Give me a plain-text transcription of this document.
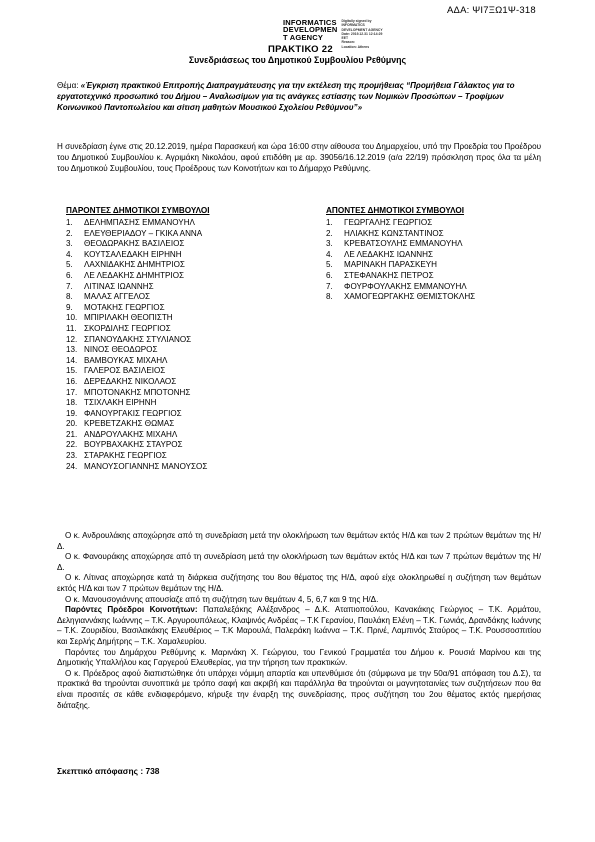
ΑΔΑ: ΨΙ7ΞΩ1Ψ-318
INFORMATICS
DEVELOPMEN
T AGENCY
Digitally signed by
INFORMATICS
DEVELOPMENT AGENCY
Date: 2019.12.31 12:14:29
EET
Reason:
Location: Athens
ΠΡΑΚΤΙΚΟ 22
Συνεδριάσεως του Δημοτικού Συμβουλίου Ρεθύμνης
Θέμα: «Έγκριση πρακτικού Επιτροπής Διαπραγμάτευσης για την εκτέλεση της προμήθειας “Προμήθεια Γάλακτος για το εργατοτεχνικό προσωπικό του Δήμου – Αναλωσίμων για τις ανάγκες εστίασης των Νομικών Προσώπων – Τροφίμων Κοινωνικού Παντοπωλείου και σίτιση μαθητών Μουσικού Σχολείου Ρεθύμνου”»
Η συνεδρίαση έγινε στις 20.12.2019, ημέρα Παρασκευή και ώρα 16:00 στην αίθουσα του Δημαρχείου, υπό την Προεδρία του Προέδρου του Δημοτικού Συμβουλίου κ. Αγριμάκη Νικολάου, αφού επιδόθη με αρ. 39056/16.12.2019 (α/α 22/19) πρόσκληση προς όλα τα μέλη του Δημοτικού Συμβουλίου, τους Προέδρους των Κοινοτήτων και το Δήμαρχο Ρεθύμνης.
ΠΑΡΟΝΤΕΣ ΔΗΜΟΤΙΚΟΙ ΣΥΜΒΟΥΛΟΙ	ΑΠΟΝΤΕΣ ΔΗΜΟΤΙΚΟΙ ΣΥΜΒΟΥΛΟΙ
1. ΔΕΛΗΜΠΑΣΗΣ ΕΜΜΑΝΟΥΗΛ
2. ΕΛΕΥΘΕΡΙΑΔΟΥ – ΓΚΙΚΑ ΑΝΝΑ
3. ΘΕΟΔΩΡΑΚΗΣ ΒΑΣΙΛΕΙΟΣ
4. ΚΟΥΤΣΑΛΕΔΑΚΗ ΕΙΡΗΝΗ
5. ΛΑΧΝΙΔΑΚΗΣ ΔΗΜΗΤΡΙΟΣ
6. ΛΕ ΛΕΔΑΚΗΣ ΔΗΜΗΤΡΙΟΣ
7. ΛΙΤΙΝΑΣ ΙΩΑΝΝΗΣ
8. ΜΑΛΑΣ ΑΓΓΕΛΟΣ
9. ΜΟΤΑΚΗΣ ΓΕΩΡΓΙΟΣ
10. ΜΠΙΡΙΛΑΚΗ ΘΕΟΠΙΣΤΗ
11. ΣΚΟΡΔΙΛΗΣ ΓΕΩΡΓΙΟΣ
12. ΣΠΑΝΟΥΔΑΚΗΣ ΣΤΥΛΙΑΝΟΣ
13. ΝΙΝΟΣ ΘΕΟΔΩΡΟΣ
14. ΒΑΜΒΟΥΚΑΣ ΜΙΧΑΗΛ
15. ΓΑΛΕΡΟΣ ΒΑΣΙΛΕΙΟΣ
16. ΔΕΡΕΔΑΚΗΣ ΝΙΚΟΛΑΟΣ
17. ΜΠΟΤΟΝΑΚΗΣ ΜΠΟΤΟΝΗΣ
18. ΤΣΙΧΛΑΚΗ ΕΙΡΗΝΗ
19. ΦΑΝΟΥΡΓΑΚΙΣ ΓΕΩΡΓΙΟΣ
20. ΚΡΕΒΕΤΖΑΚΗΣ ΘΩΜΑΣ
21. ΑΝΔΡΟΥΛΑΚΗΣ ΜΙΧΑΗΛ
22. ΒΟΥΡΒΑΧΑΚΗΣ ΣΤΑΥΡΟΣ
23. ΣΤΑΡΑΚΗΣ ΓΕΩΡΓΙΟΣ
24. ΜΑΝΟΥΣΟΓΙΑΝΝΗΣ ΜΑΝΟΥΣΟΣ
1. ΓΕΩΡΓΑΛΗΣ ΓΕΩΡΓΙΟΣ
2. ΗΛΙΑΚΗΣ ΚΩΝΣΤΑΝΤΙΝΟΣ
3. ΚΡΕΒΑΤΣΟΥΛΗΣ ΕΜΜΑΝΟΥΗΛ
4. ΛΕ ΛΕΔΑΚΗΣ ΙΩΑΝΝΗΣ
5. ΜΑΡΙΝΑΚΗ ΠΑΡΑΣΚΕΥΗ
6. ΣΤΕΦΑΝΑΚΗΣ ΠΕΤΡΟΣ
7. ΦΟΥΡΦΟΥΛΑΚΗΣ ΕΜΜΑΝΟΥΗΛ
8. ΧΑΜΟΓΕΩΡΓΑΚΗΣ ΘΕΜΙΣΤΟΚΛΗΣ

Ο κ. Ανδρουλάκης αποχώρησε από τη συνεδρίαση μετά την ολοκλήρωση των θεμάτων εκτός Η/Δ και των 2 πρώτων θεμάτων της Η/Δ.

Ο κ. Φανουράκης αποχώρησε από τη συνεδρίαση μετά την ολοκλήρωση των θεμάτων εκτός Η/Δ και των 7 πρώτων θεμάτων της Η/Δ.

Ο κ. Λίτινας αποχώρησε κατά τη διάρκεια συζήτησης του 8ου θέματος της Η/Δ, αφού είχε ολοκληρωθεί η συζήτηση των θεμάτων εκτός Η/Δ και των 7 πρώτων θεμάτων της Η/Δ.

Ο κ. Μανουσογιάννης απουσίαζε από τη συζήτηση των θεμάτων 4, 5, 6,7 και 9 της Η/Δ.

Παρόντες Πρόεδροι Κοινοτήτων: Παπαλεξάκης Αλέξανδρος – Δ.Κ. Αταπιοπούλου, Κανακάκης Γεώργιος – Τ.Κ. Αρμάτου, Δεληγιαννάκης Ιωάννης – Τ.Κ. Αργυρουπόλεως, Κλαψινός Ανδρέας – Τ.Κ Γερανίου, Παυλάκη Ελένη – Τ.Κ. Γωνιάς, Δρανδάκης Ιωάννης – Τ.Κ. Ζουριδίου, Βασιλακάκης Ελευθέριος – Τ.Κ Μαρουλά, Παλεράκη Ιωάννα – Τ.Κ. Πρινέ, Λαμπινός Σταύρος – Τ.Κ. Ρουσσοσπιτίου και Σερλής Δημήτρης – Τ.Κ. Χαμαλευρίου.

Παρόντες του Δημάρχου Ρεθύμνης κ. Μαρινάκη Χ. Γεώργιου, του Γενικού Γραμματέα του Δήμου κ. Ρουσιά Μαρίνου και της Δημοτικής Υπαλλήλου κας Γαργερού Ελευθερίας, για την τήρηση των πρακτικών.

Ο κ. Πρόεδρος αφού διαπιστώθηκε ότι υπάρχει νόμιμη απαρτία και υπενθύμισε ότι (σύμφωνα με την 50α/91 απόφαση του Δ.Σ), τα πρακτικά θα τηρούνται συνοπτικά με τρόπο σαφή και ακριβή και παράλληλα θα τηρούνται οι μαγνητοταινίες των συζητήσεων που θα είναι προσιτές σε κάθε ενδιαφερόμενο, κήρυξε την έναρξη της συνεδρίασης, προς συζήτηση του 2ου θέματος εκτός ημερήσιας διάταξης.

Σκεπτικό απόφασης : 738
